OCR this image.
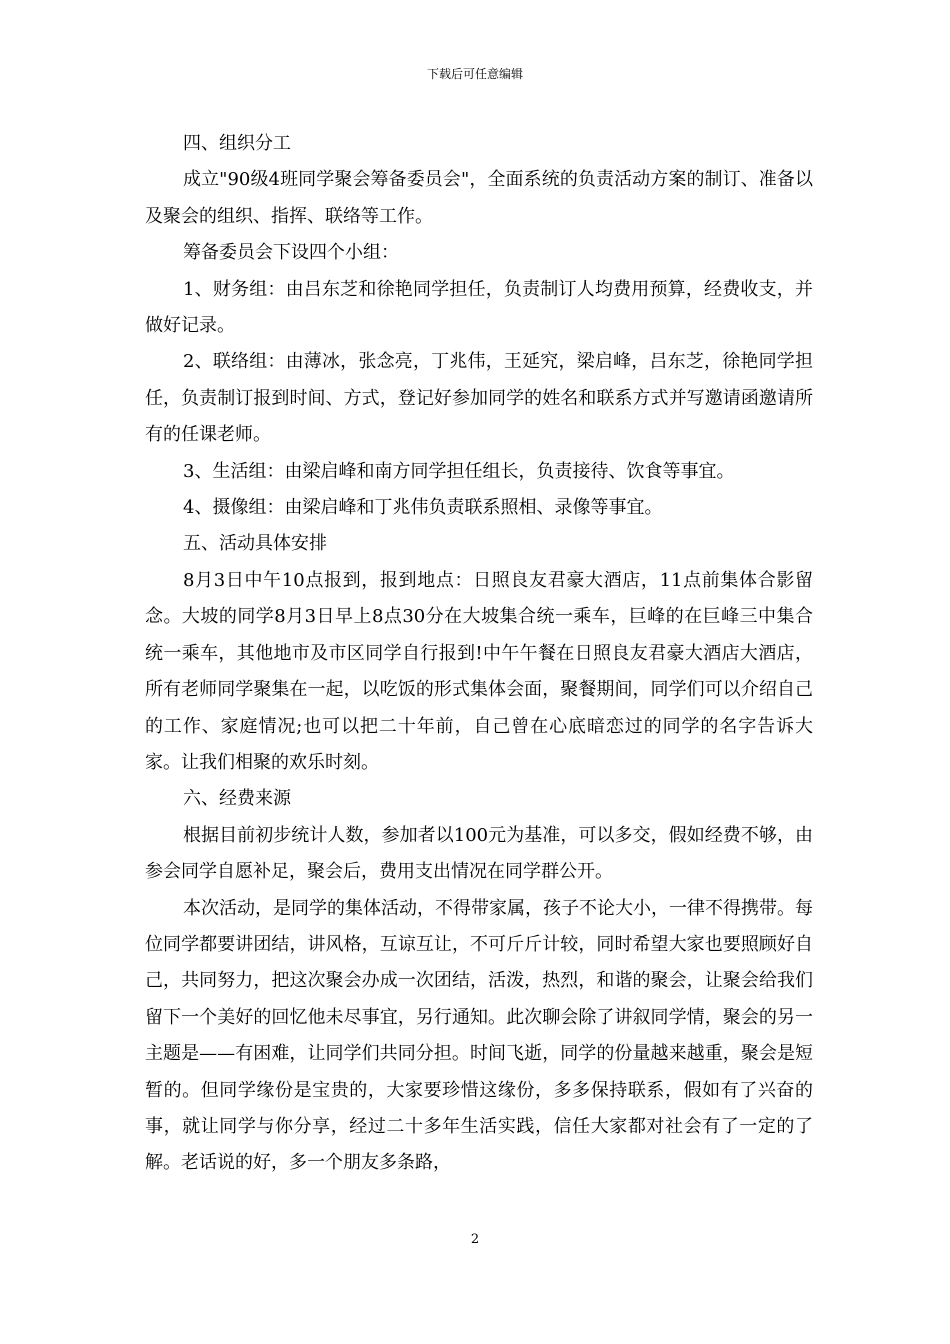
下载后可任意编辑

四、组织分工

成立"90级4班同学聚会筹备委员会"，全面系统的负责活动方案的制订、准备以及聚会的组织、指挥、联络等工作。

筹备委员会下设四个小组：

1、财务组：由吕东芝和徐艳同学担任，负责制订人均费用预算，经费收支，并做好记录。

2、联络组：由薄冰，张念亮，丁兆伟，王延究，梁启峰，吕东芝，徐艳同学担任，负责制订报到时间、方式，登记好参加同学的姓名和联系方式并写邀请函邀请所有的任课老师。

3、生活组：由梁启峰和南方同学担任组长，负责接待、饮食等事宜。

4、摄像组：由梁启峰和丁兆伟负责联系照相、录像等事宜。

五、活动具体安排

8月3日中午10点报到，报到地点：日照良友君豪大酒店，11点前集体合影留念。大坡的同学8月3日早上8点30分在大坡集合统一乘车，巨峰的在巨峰三中集合统一乘车，其他地市及市区同学自行报到!中午午餐在日照良友君豪大酒店大酒店，所有老师同学聚集在一起，以吃饭的形式集体会面，聚餐期间，同学们可以介绍自己的工作、家庭情况;也可以把二十年前，自己曾在心底暗恋过的同学的名字告诉大家。让我们相聚的欢乐时刻。

六、经费来源

根据目前初步统计人数，参加者以100元为基准，可以多交，假如经费不够，由参会同学自愿补足，聚会后，费用支出情况在同学群公开。

本次活动，是同学的集体活动，不得带家属，孩子不论大小，一律不得携带。每位同学都要讲团结，讲风格，互谅互让，不可斤斤计较，同时希望大家也要照顾好自己，共同努力，把这次聚会办成一次团结，活泼，热烈，和谐的聚会，让聚会给我们留下一个美好的回忆他未尽事宜，另行通知。此次聊会除了讲叙同学情，聚会的另一主题是——有困难，让同学们共同分担。时间飞逝，同学的份量越来越重，聚会是短暂的。但同学缘份是宝贵的，大家要珍惜这缘份，多多保持联系，假如有了兴奋的事，就让同学与你分享，经过二十多年生活实践，信任大家都对社会有了一定的了解。老话说的好，多一个朋友多条路，

2
